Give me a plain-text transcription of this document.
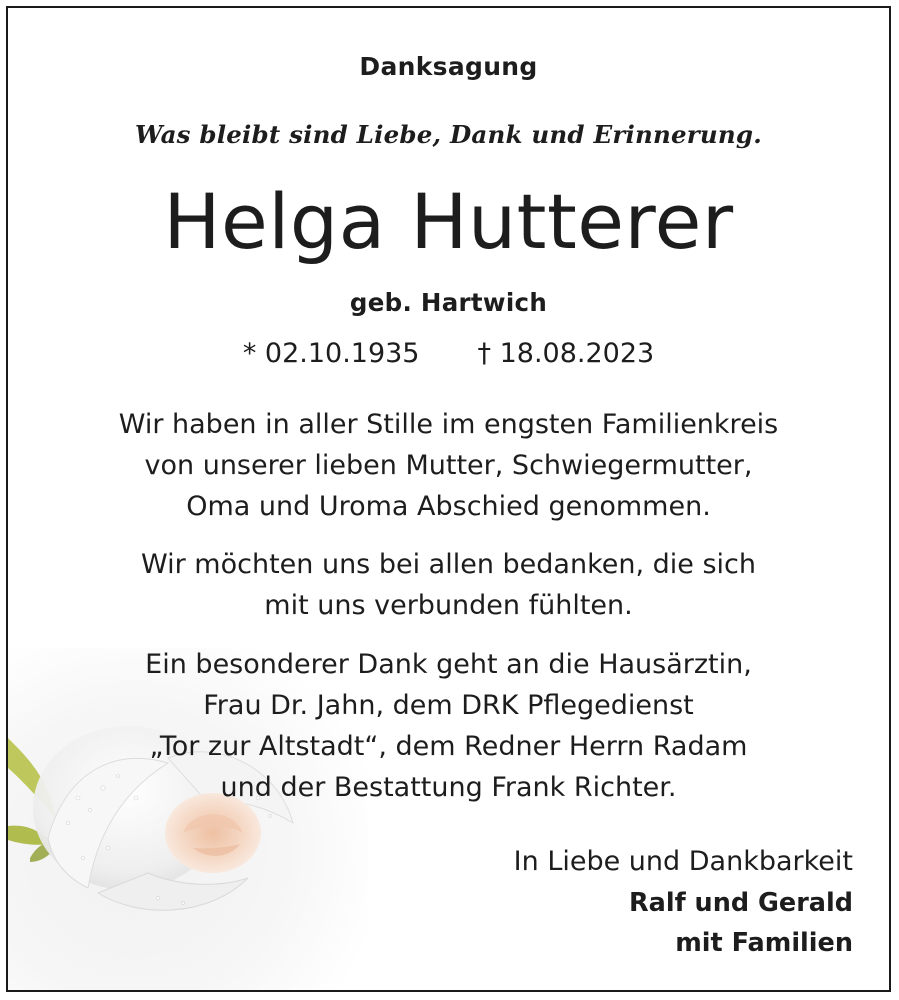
Danksagung
Was bleibt sind Liebe, Dank und Erinnerung.
Helga Hutterer
geb. Hartwich
* 02.10.1935 † 18.08.2023
Wir haben in aller Stille im engsten Familienkreis
von unserer lieben Mutter, Schwiegermutter,
Oma und Uroma Abschied genommen.
Wir möchten uns bei allen bedanken, die sich
mit uns verbunden fühlten.
Ein besonderer Dank geht an die Hausärztin,
Frau Dr. Jahn, dem DRK Pflegedienst
„Tor zur Altstadt“, dem Redner Herrn Radam
und der Bestattung Frank Richter.
In Liebe und Dankbarkeit
Ralf und Gerald
mit Familien
